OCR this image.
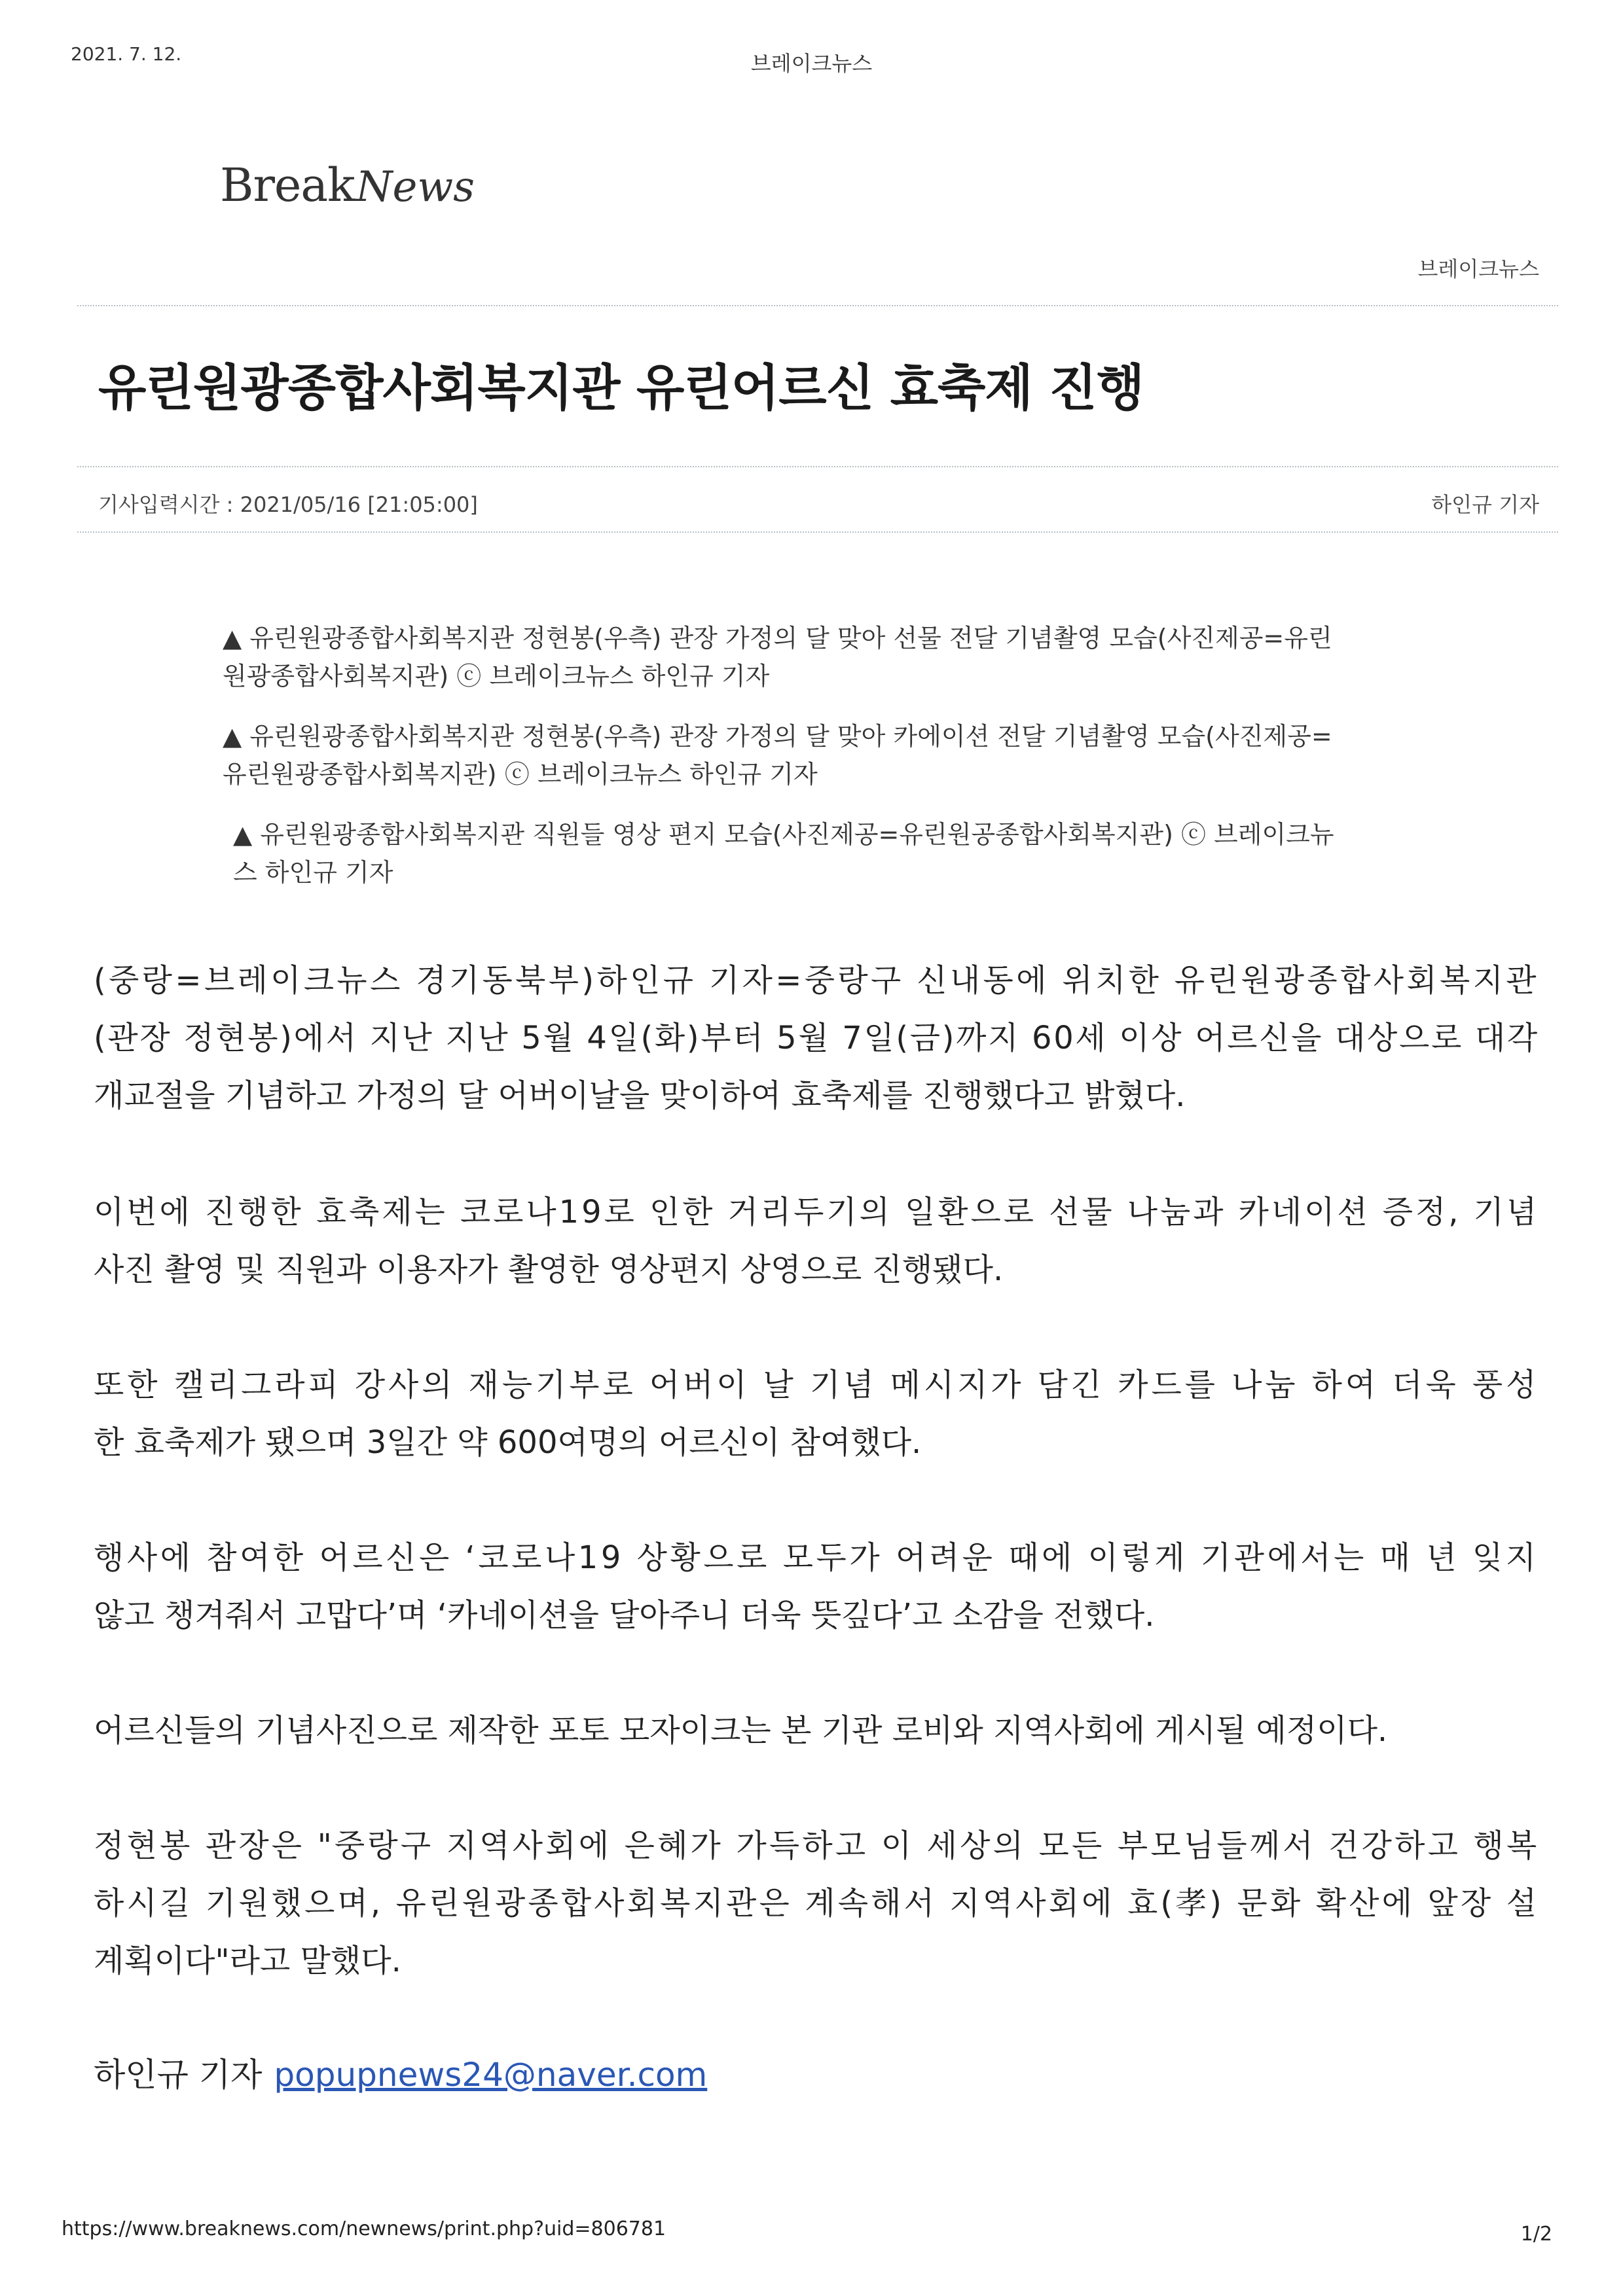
2021. 7. 12.	브레이크뉴스
BreakNews
브레이크뉴스
유린원광종합사회복지관 유린어르신 효축제 진행
기사입력시간 : 2021/05/16 [21:05:00]	하인규 기자
▲ 유린원광종합사회복지관 정현봉(우측) 관장 가정의 달 맞아 선물 전달 기념촬영 모습(사진제공=유린
원광종합사회복지관) ⓒ 브레이크뉴스 하인규 기자
▲ 유린원광종합사회복지관 정현봉(우측) 관장 가정의 달 맞아 카에이션 전달 기념촬영 모습(사진제공=
유린원광종합사회복지관) ⓒ 브레이크뉴스 하인규 기자
▲ 유린원광종합사회복지관 직원들 영상 편지 모습(사진제공=유린원공종합사회복지관) ⓒ 브레이크뉴
스 하인규 기자
(중랑=브레이크뉴스 경기동북부)하인규 기자=중랑구 신내동에 위치한 유린원광종합사회복지관
(관장 정현봉)에서 지난 지난 5월 4일(화)부터 5월 7일(금)까지 60세 이상 어르신을 대상으로 대각
개교절을 기념하고 가정의 달 어버이날을 맞이하여 효축제를 진행했다고 밝혔다.
이번에 진행한 효축제는 코로나19로 인한 거리두기의 일환으로 선물 나눔과 카네이션 증정, 기념
사진 촬영 및 직원과 이용자가 촬영한 영상편지 상영으로 진행됐다.
또한 캘리그라피 강사의 재능기부로 어버이 날 기념 메시지가 담긴 카드를 나눔 하여 더욱 풍성
한 효축제가 됐으며 3일간 약 600여명의 어르신이 참여했다.
행사에 참여한 어르신은 ‘코로나19 상황으로 모두가 어려운 때에 이렇게 기관에서는 매 년 잊지
않고 챙겨줘서 고맙다’며 ‘카네이션을 달아주니 더욱 뜻깊다’고 소감을 전했다.
어르신들의 기념사진으로 제작한 포토 모자이크는 본 기관 로비와 지역사회에 게시될 예정이다.
정현봉 관장은 "중랑구 지역사회에 은혜가 가득하고 이 세상의 모든 부모님들께서 건강하고 행복
하시길 기원했으며, 유린원광종합사회복지관은 계속해서 지역사회에 효(孝) 문화 확산에 앞장 설
계획이다"라고 말했다.
하인규 기자 popupnews24@naver.com
https://www.breaknews.com/newnews/print.php?uid=806781	1/2
